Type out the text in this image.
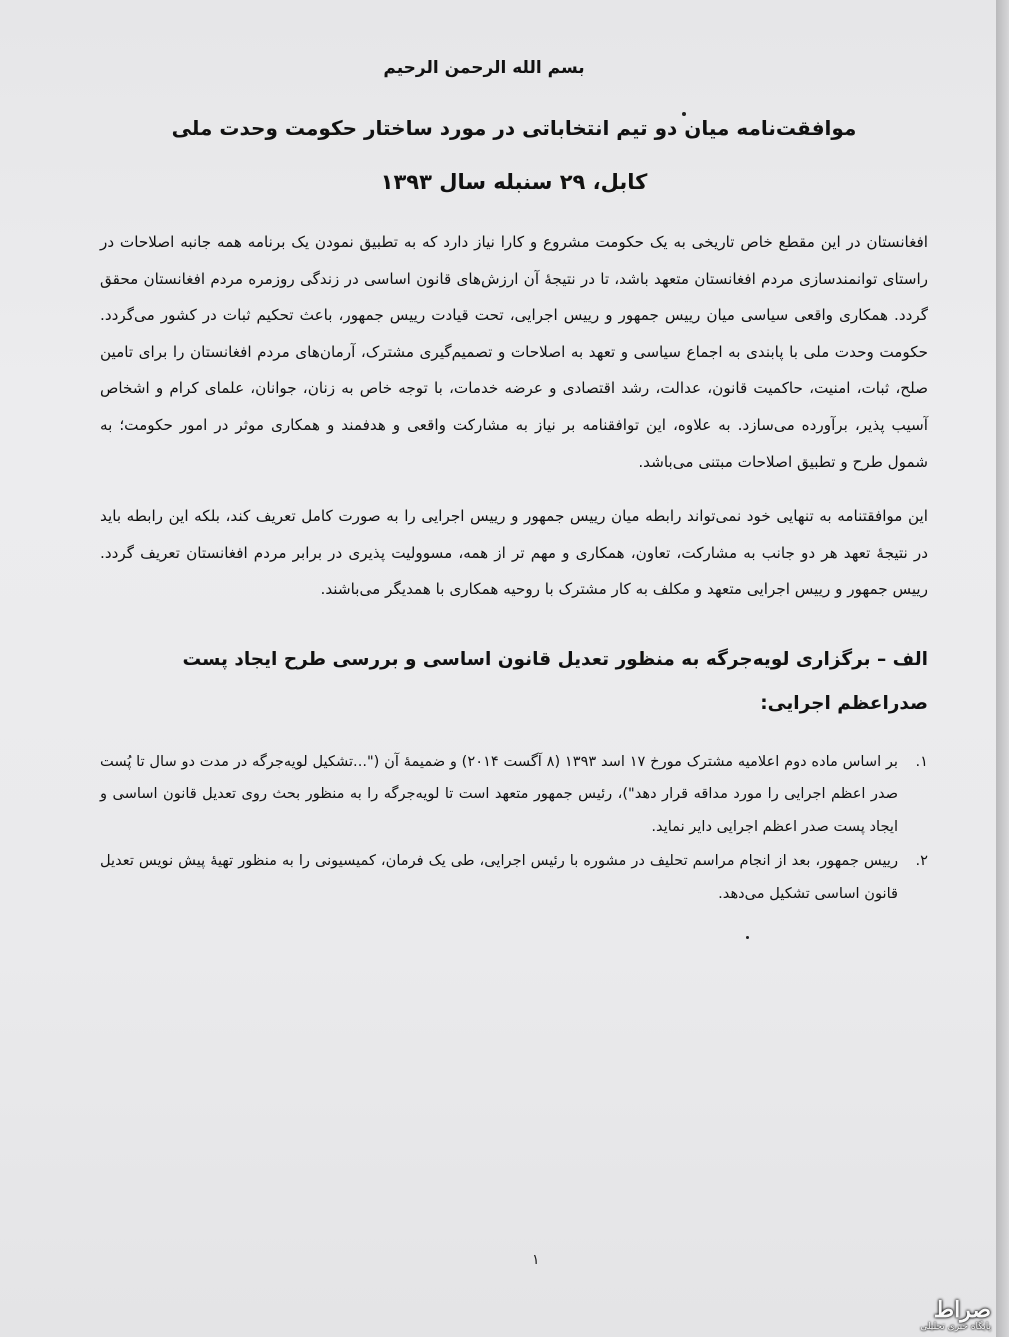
بسم الله الرحمن الرحیم
موافقت‌نامه میان دو تیم انتخاباتی در مورد ساختار حکومت وحدت ملی
کابل، ۲۹ سنبله سال ۱۳۹۳

افغانستان در این مقطع خاص تاریخی به یک حکومت مشروع و کارا نیاز دارد که به تطبیق نمودن یک برنامه همه جانبه اصلاحات در راستای توانمندسازی مردم افغانستان متعهد باشد، تا در نتیجهٔ آن ارزش‌های قانون اساسی در زندگی روزمره مردم افغانستان محقق گردد. همکاری واقعی سیاسی میان رییس جمهور و رییس اجرایی، تحت قیادت رییس جمهور، باعث تحکیم ثبات در کشور می‌گردد. حکومت وحدت ملی با پابندی به اجماع سیاسی و تعهد به اصلاحات و تصمیم‌گیری مشترک، آرمان‌های مردم افغانستان را برای تامین صلح، ثبات، امنیت، حاکمیت قانون، عدالت، رشد اقتصادی و عرضه خدمات، با توجه خاص به زنان، جوانان، علمای کرام و اشخاص آسیب پذیر، برآورده می‌سازد. به علاوه، این توافقنامه بر نیاز به مشارکت واقعی و هدفمند و همکاری موثر در امور حکومت؛ به شمول طرح و تطبیق اصلاحات مبتنی می‌باشد.

این موافقتنامه به تنهایی خود نمی‌تواند رابطه میان رییس جمهور و رییس اجرایی را به صورت کامل تعریف کند، بلکه این رابطه باید در نتیجهٔ تعهد هر دو جانب به مشارکت، تعاون، همکاری و مهم تر از همه، مسوولیت پذیری در برابر مردم افغانستان تعریف گردد. رییس جمهور و رییس اجرایی متعهد و مکلف به کار مشترک با روحیه همکاری با همدیگر می‌باشند.

الف – برگزاری لویه‌جرگه به منظور تعدیل قانون اساسی و بررسی طرح ایجاد پست صدراعظم اجرایی:
١.
بر اساس ماده دوم اعلامیه مشترک مورخ ۱۷ اسد ۱۳۹۳ (۸ آگست ۲۰۱۴) و ضمیمهٔ آن ("...تشکیل لویه‌جرگه در مدت دو سال تا پُست صدر اعظم اجرایی را مورد مداقه قرار دهد")، رئیس جمهور متعهد است تا لویه‌جرگه را به منظور بحث روی تعدیل قانون اساسی و ایجاد پست صدر اعظم اجرایی دایر نماید.
٢.
رییس جمهور، بعد از انجام مراسم تحلیف در مشوره با رئیس اجرایی، طی یک فرمان، کمیسیونی را به منظور تهیهٔ پیش نویس تعدیل قانون اساسی تشکیل می‌دهد.
۱
صراط
پایگاه خبری تحلیلی
